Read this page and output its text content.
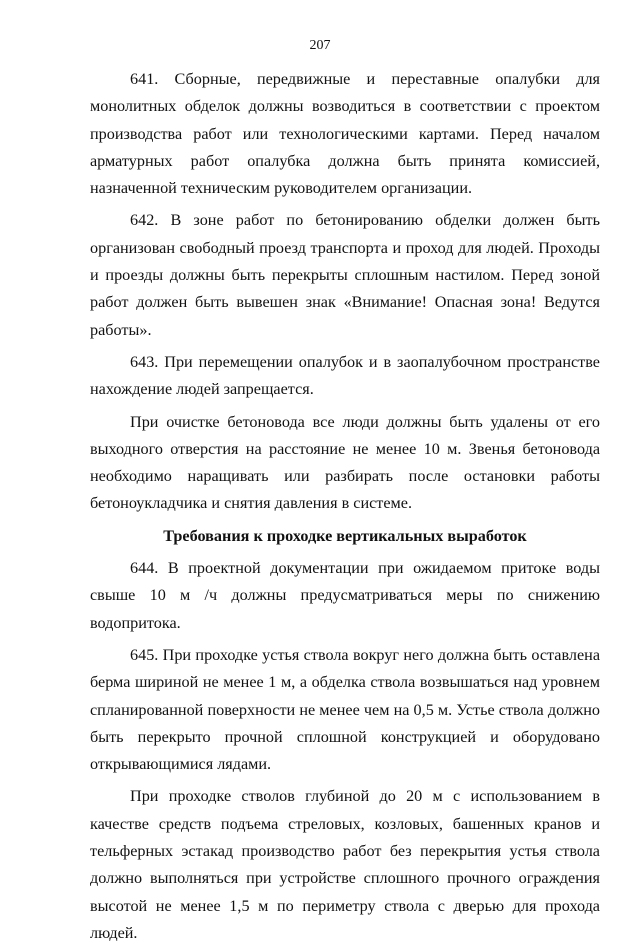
207

641. Сборные, передвижные и переставные опалубки для монолитных обделок должны возводиться в соответствии с проектом производства работ или технологическими картами. Перед началом арматурных работ опалубка должна быть принята комиссией, назначенной техническим руководителем организации.

642. В зоне работ по бетонированию обделки должен быть организован свободный проезд транспорта и проход для людей. Проходы и проезды должны быть перекрыты сплошным настилом. Перед зоной работ должен быть вывешен знак «Внимание! Опасная зона! Ведутся работы».

643. При перемещении опалубок и в заопалубочном пространстве нахождение людей запрещается.

При очистке бетоновода все люди должны быть удалены от его выходного отверстия на расстояние не менее 10 м. Звенья бетоновода необходимо наращивать или разбирать после остановки работы бетоноукладчика и снятия давления в системе.

Требования к проходке вертикальных выработок

644. В проектной документации при ожидаемом притоке воды свыше 10 м /ч должны предусматриваться меры по снижению водопритока.

645. При проходке устья ствола вокруг него должна быть оставлена берма шириной не менее 1 м, а обделка ствола возвышаться над уровнем спланированной поверхности не менее чем на 0,5 м. Устье ствола должно быть перекрыто прочной сплошной конструкцией и оборудовано открывающимися лядами.

При проходке стволов глубиной до 20 м с использованием в качестве средств подъема стреловых, козловых, башенных кранов и тельферных эстакад производство работ без перекрытия устья ствола должно выполняться при устройстве сплошного прочного ограждения высотой не менее 1,5 м по периметру ствола с дверью для прохода людей.
